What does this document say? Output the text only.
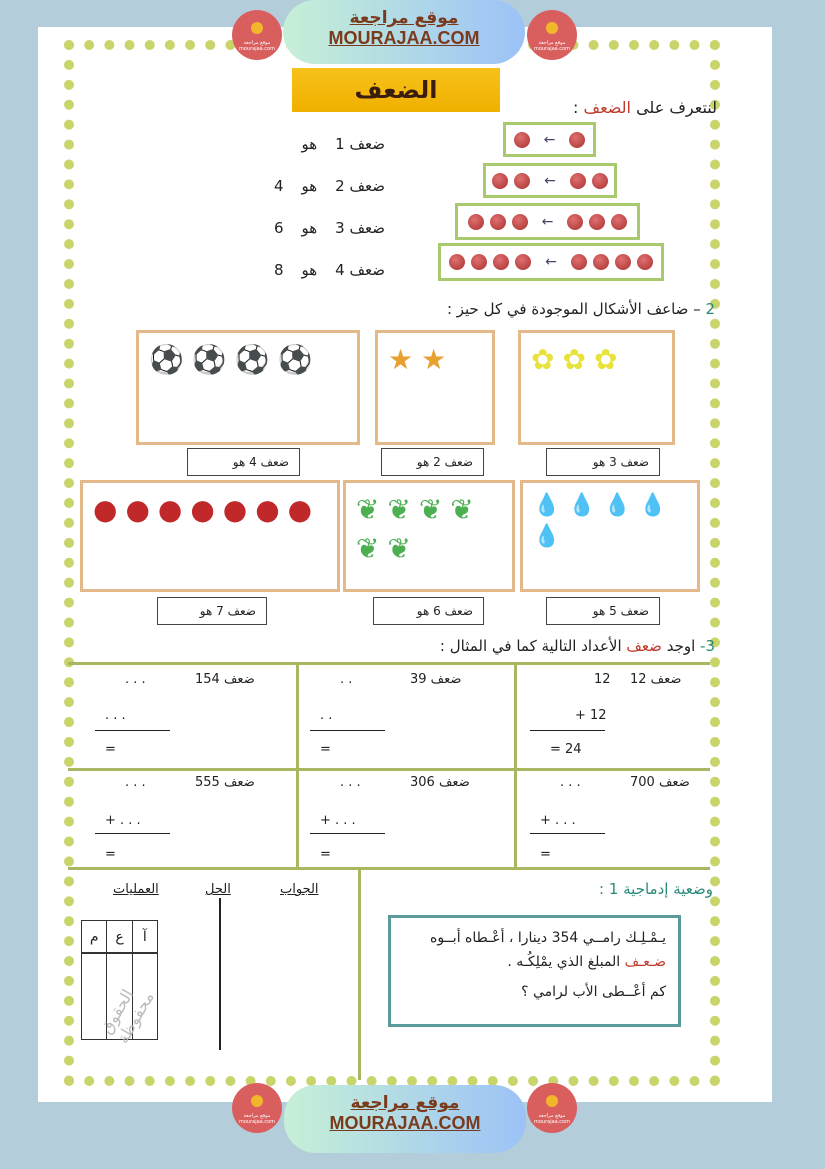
موقع مراجعة mourajaa.com
موقع مراجعة mourajaa.com
موقع مراجعة
MOURAJAA.COM
الضعف
لنتعرف على الضعف :
ضعف 1
هو
ضعف 2
هو
4
ضعف 3
هو
6
ضعف 4
هو
8
←
←
←
←
2 – ضاعف الأشكال الموجودة في كل حيز :
⚽ ⚽ ⚽ ⚽
ضعف 4 هو
★ ★
ضعف 2 هو
✿ ✿ ✿
ضعف 3 هو
● ● ● ● ● ● ●
ضعف 7 هو
❦ ❦ ❦ ❦
❦ ❦
ضعف 6 هو
💧 💧 💧 💧
💧
ضعف 5 هو
3- اوجد ضعف الأعداد التالية كما في المثال :
ضعف 12
12
+ 12
= 24
ضعف 39
. .
. .
=
ضعف 154
. . .
. . .
=
ضعف 700
. . .
+ . . .
=
ضعف 306
. . .
+ . . .
=
ضعف 555
. . .
+ . . .
=
وضعية إدماجية 1 :
يـمْـلِـك رامــي 354 دينارا ، أعْـطاه أبــوه
ضـعـف المبلغ الذي يمْلِكُـه .
كم أعْــطى الأب لرامي ؟
الجواب
الحل
العمليات
م	ع	آ
الحقوق محفوظة
موقع مراجعة mourajaa.com
موقع مراجعة mourajaa.com
موقع مراجعة
MOURAJAA.COM
